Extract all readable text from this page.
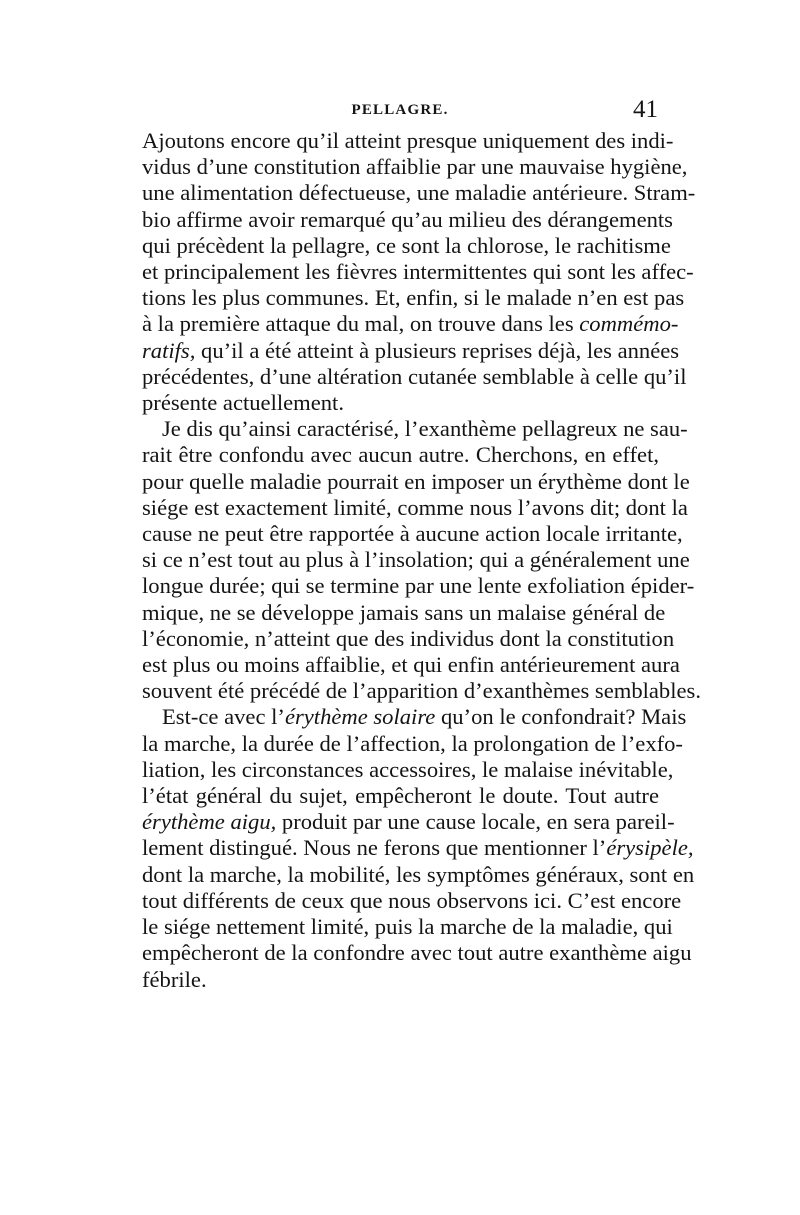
PELLAGRE.	41

Ajoutons encore qu’il atteint presque uniquement des indi-
vidus d’une constitution affaiblie par une mauvaise hygiène,
une alimentation défectueuse, une maladie antérieure. Stram-
bio affirme avoir remarqué qu’au milieu des dérangements
qui précèdent la pellagre, ce sont la chlorose, le rachitisme
et principalement les fièvres intermittentes qui sont les affec-
tions les plus communes. Et, enfin, si le malade n’en est pas
à la première attaque du mal, on trouve dans les commémo-
ratifs, qu’il a été atteint à plusieurs reprises déjà, les années
précédentes, d’une altération cutanée semblable à celle qu’il
présente actuellement.

Je dis qu’ainsi caractérisé, l’exanthème pellagreux ne sau-
rait être confondu avec aucun autre. Cherchons, en effet,
pour quelle maladie pourrait en imposer un érythème dont le
siége est exactement limité, comme nous l’avons dit; dont la
cause ne peut être rapportée à aucune action locale irritante,
si ce n’est tout au plus à l’insolation; qui a généralement une
longue durée; qui se termine par une lente exfoliation épider-
mique, ne se développe jamais sans un malaise général de
l’économie, n’atteint que des individus dont la constitution
est plus ou moins affaiblie, et qui enfin antérieurement aura
souvent été précédé de l’apparition d’exanthèmes semblables.

Est-ce avec l’érythème solaire qu’on le confondrait? Mais
la marche, la durée de l’affection, la prolongation de l’exfo-
liation, les circonstances accessoires, le malaise inévitable,
l’état général du sujet, empêcheront le doute. Tout autre
érythème aigu, produit par une cause locale, en sera pareil-
lement distingué. Nous ne ferons que mentionner l’érysipèle,
dont la marche, la mobilité, les symptômes généraux, sont en
tout différents de ceux que nous observons ici. C’est encore
le siége nettement limité, puis la marche de la maladie, qui
empêcheront de la confondre avec tout autre exanthème aigu
fébrile.
